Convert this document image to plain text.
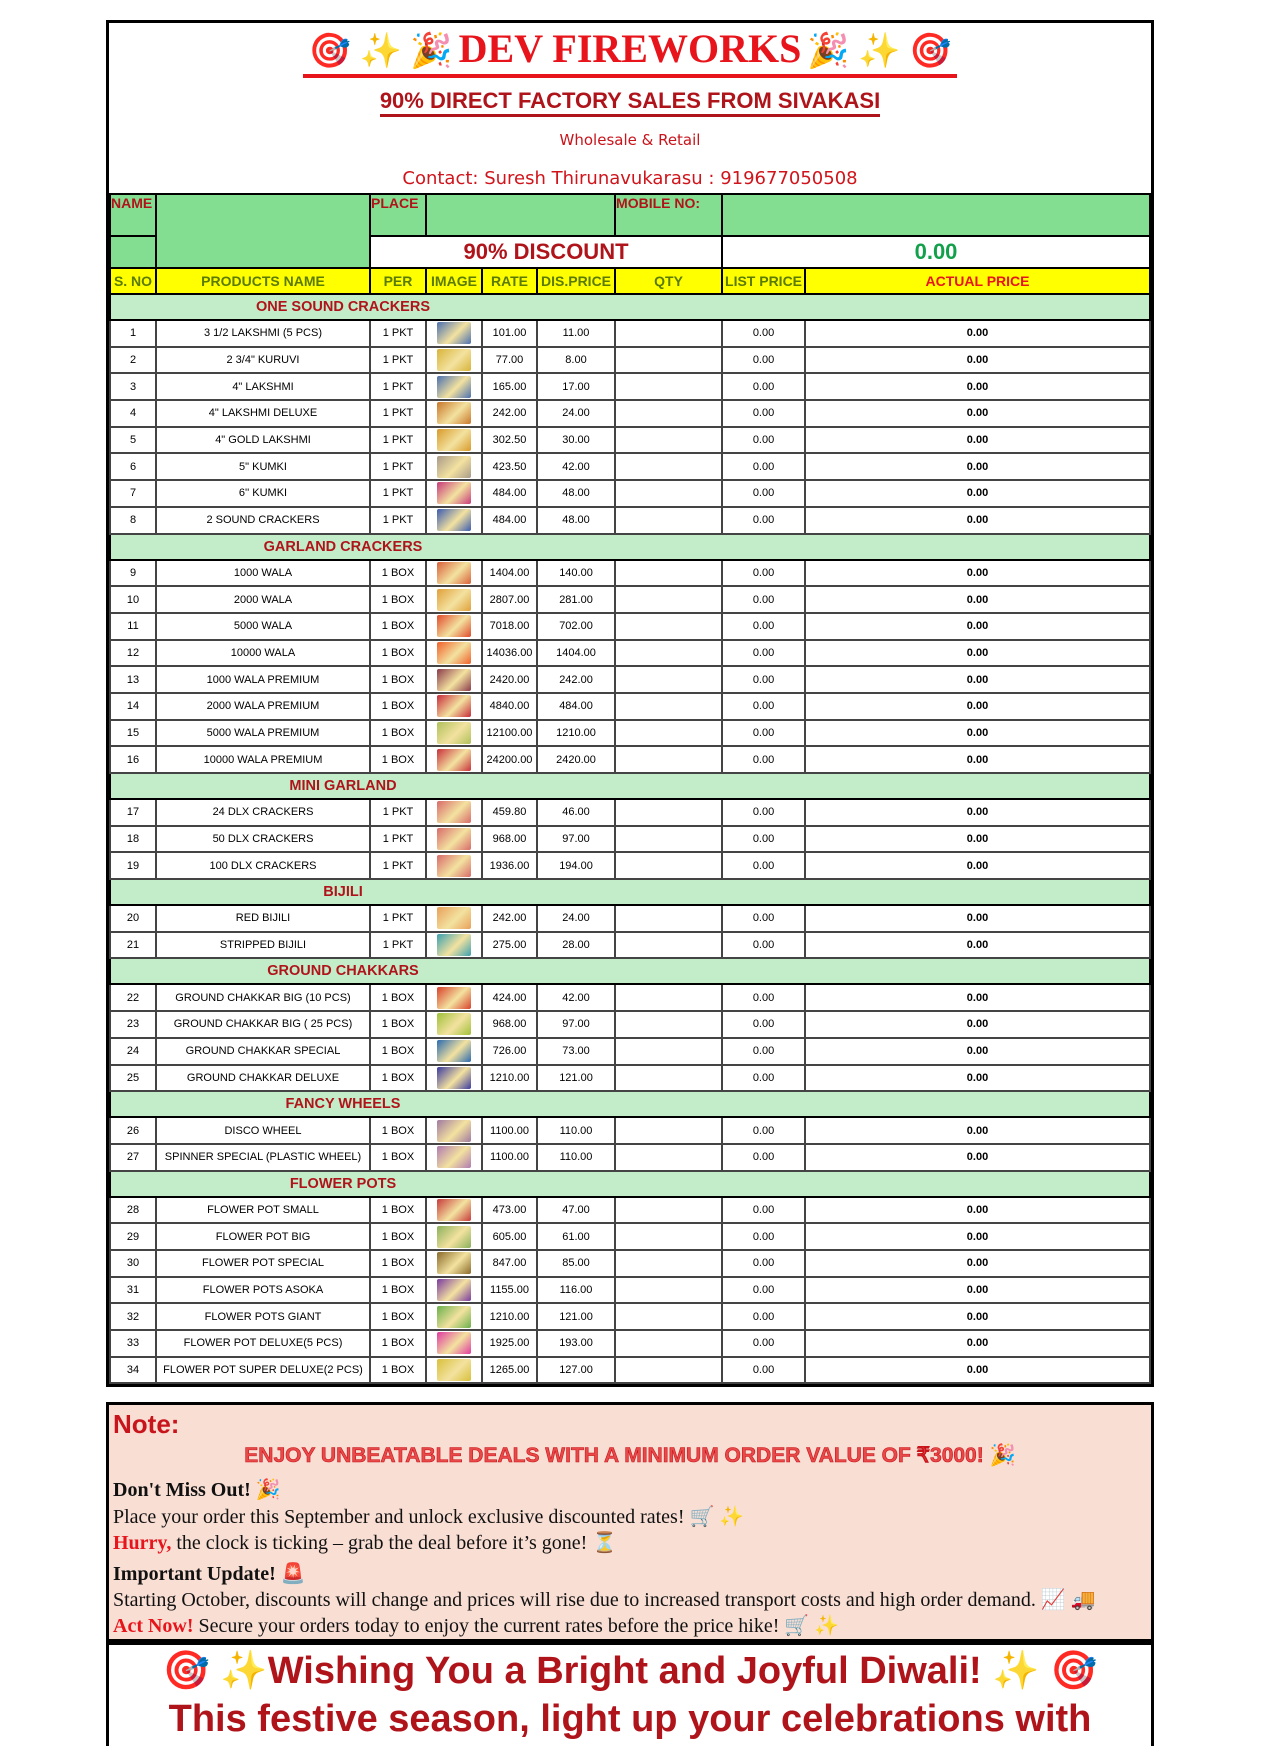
🎯 ✨ 🎉 DEV FIREWORKS 🎉 ✨ 🎯
90% DIRECT FACTORY SALES FROM SIVAKASI
Wholesale & Retail
Contact: Suresh Thirunavukarasu : 919677050508
NAME		PLACE				MOBILE NO:		
		90% DISCOUNT					0.00	
S. NO	PRODUCTS NAME	PER	IMAGE	RATE	DIS.PRICE	QTY	LIST PRICE	ACTUAL PRICE
ONE SOUND CRACKERS								
1	3 1/2 LAKSHMI (5 PCS)	1 PKT		101.00	11.00		0.00	0.00
2	2 3/4" KURUVI	1 PKT		77.00	8.00		0.00	0.00
3	4" LAKSHMI	1 PKT		165.00	17.00		0.00	0.00
4	4" LAKSHMI DELUXE	1 PKT		242.00	24.00		0.00	0.00
5	4" GOLD LAKSHMI	1 PKT		302.50	30.00		0.00	0.00
6	5" KUMKI	1 PKT		423.50	42.00		0.00	0.00
7	6'' KUMKI	1 PKT		484.00	48.00		0.00	0.00
8	2 SOUND CRACKERS	1 PKT		484.00	48.00		0.00	0.00
GARLAND CRACKERS								
9	1000 WALA	1 BOX		1404.00	140.00		0.00	0.00
10	2000 WALA	1 BOX		2807.00	281.00		0.00	0.00
11	5000 WALA	1 BOX		7018.00	702.00		0.00	0.00
12	10000 WALA	1 BOX		14036.00	1404.00		0.00	0.00
13	1000 WALA PREMIUM	1 BOX		2420.00	242.00		0.00	0.00
14	2000 WALA PREMIUM	1 BOX		4840.00	484.00		0.00	0.00
15	5000 WALA PREMIUM	1 BOX		12100.00	1210.00		0.00	0.00
16	10000 WALA PREMIUM	1 BOX		24200.00	2420.00		0.00	0.00
MINI GARLAND								
17	24 DLX CRACKERS	1 PKT		459.80	46.00		0.00	0.00
18	50 DLX CRACKERS	1 PKT		968.00	97.00		0.00	0.00
19	100 DLX CRACKERS	1 PKT		1936.00	194.00		0.00	0.00
BIJILI								
20	RED BIJILI	1 PKT		242.00	24.00		0.00	0.00
21	STRIPPED BIJILI	1 PKT		275.00	28.00		0.00	0.00
GROUND CHAKKARS								
22	GROUND CHAKKAR BIG (10 PCS)	1 BOX		424.00	42.00		0.00	0.00
23	GROUND CHAKKAR BIG ( 25 PCS)	1 BOX		968.00	97.00		0.00	0.00
24	GROUND CHAKKAR SPECIAL	1 BOX		726.00	73.00		0.00	0.00
25	GROUND CHAKKAR DELUXE	1 BOX		1210.00	121.00		0.00	0.00
FANCY WHEELS								
26	DISCO WHEEL	1 BOX		1100.00	110.00		0.00	0.00
27	SPINNER SPECIAL (PLASTIC WHEEL)	1 BOX		1100.00	110.00		0.00	0.00
FLOWER POTS								
28	FLOWER POT SMALL	1 BOX		473.00	47.00		0.00	0.00
29	FLOWER POT BIG	1 BOX		605.00	61.00		0.00	0.00
30	FLOWER POT SPECIAL	1 BOX		847.00	85.00		0.00	0.00
31	FLOWER POTS ASOKA	1 BOX		1155.00	116.00		0.00	0.00
32	FLOWER POTS GIANT	1 BOX		1210.00	121.00		0.00	0.00
33	FLOWER POT DELUXE(5 PCS)	1 BOX		1925.00	193.00		0.00	0.00
34	FLOWER POT SUPER DELUXE(2 PCS)	1 BOX		1265.00	127.00		0.00	0.00
Note:
ENJOY UNBEATABLE DEALS WITH A MINIMUM ORDER VALUE OF ₹3000! 🎉
Don't Miss Out! 🎉
Place your order this September and unlock exclusive discounted rates! 🛒 ✨
Hurry, the clock is ticking – grab the deal before it’s gone! ⏳
Important Update! 🚨
Starting October, discounts will change and prices will rise due to increased transport costs and high order demand. 📈 🚚
Act Now! Secure your orders today to enjoy the current rates before the price hike! 🛒 ✨
🎯 ✨Wishing You a Bright and Joyful Diwali! ✨ 🎯
This festive season, light up your celebrations with
